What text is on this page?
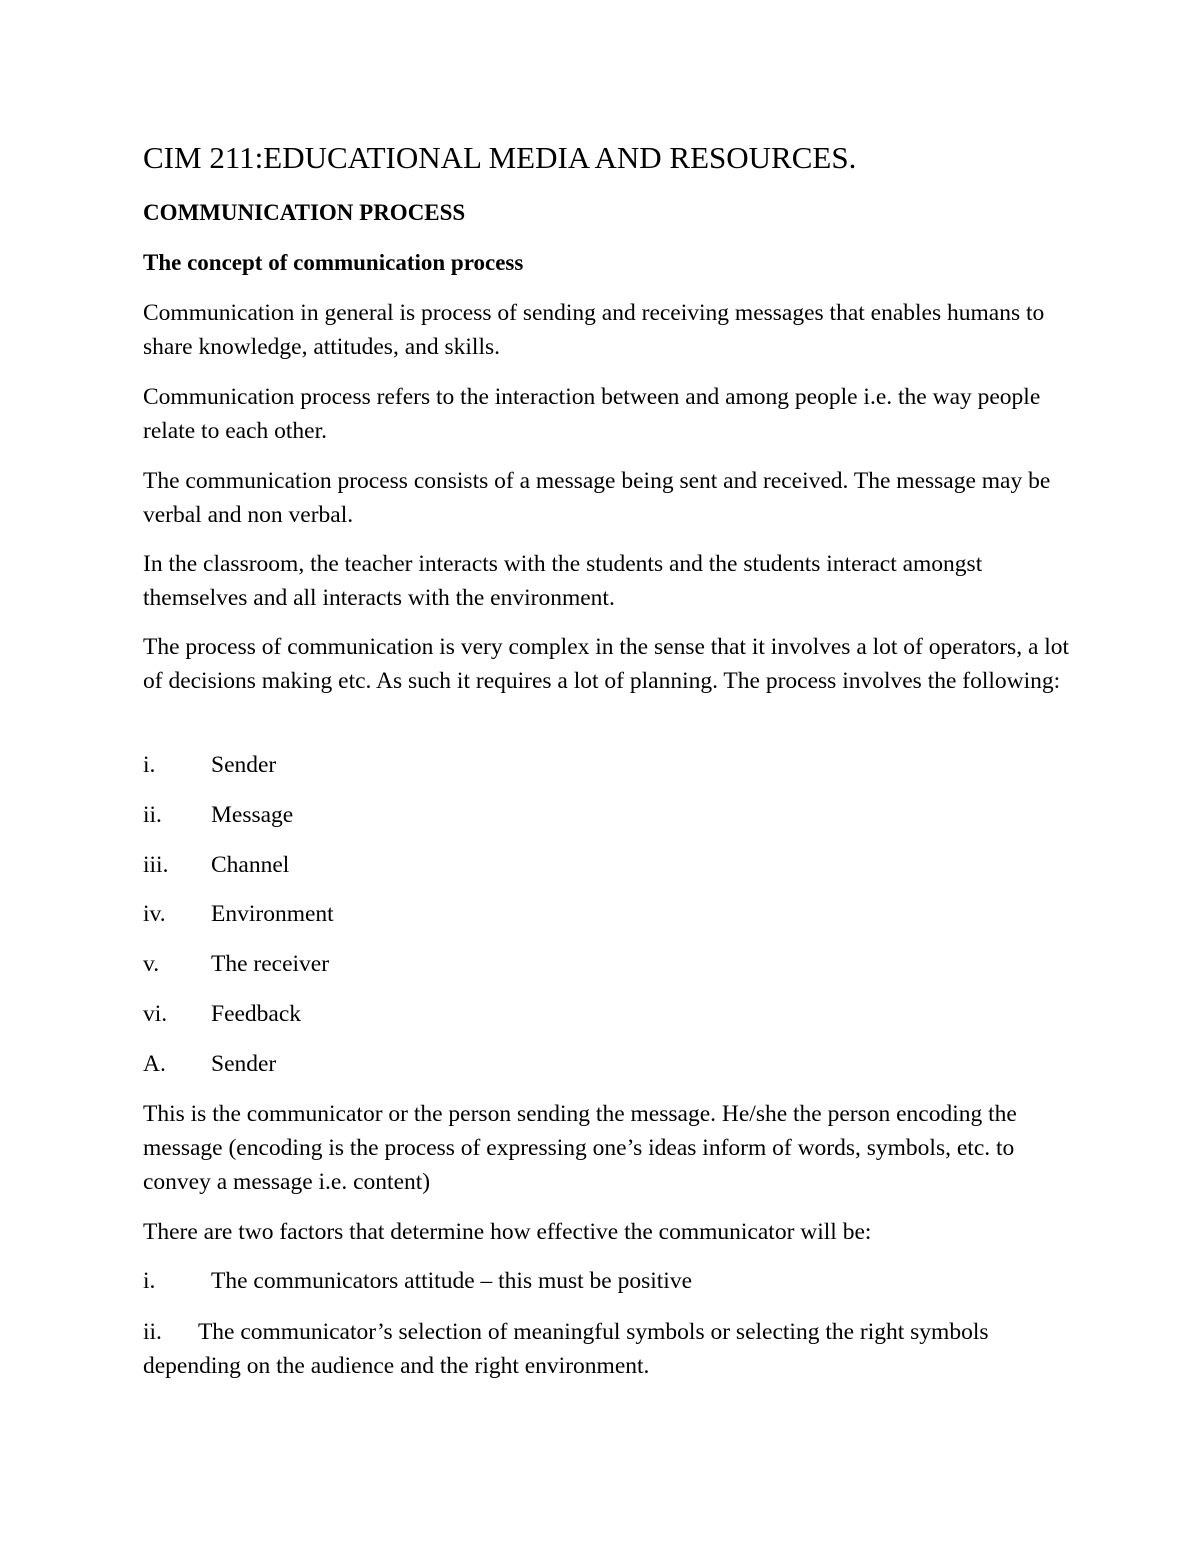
CIM 211:EDUCATIONAL MEDIA AND RESOURCES.
COMMUNICATION PROCESS
The concept of communication process
Communication in general is process of sending and receiving messages that enables humans to share knowledge, attitudes, and skills.
Communication process refers to the interaction between and among people i.e. the way people relate to each other.
The communication process consists of a message being sent and received. The message may be verbal and non verbal.
In the classroom, the teacher interacts with the students and the students interact amongst themselves and all interacts with the environment.
The process of communication is very complex in the sense that it involves a lot of operators, a lot of decisions making etc. As such it requires a lot of planning. The process involves the following:
i. Sender
ii. Message
iii. Channel
iv. Environment
v. The receiver
vi. Feedback
A. Sender
This is the communicator or the person sending the message. He/she the person encoding the message (encoding is the process of expressing one’s ideas inform of words, symbols, etc. to convey a message i.e. content)
There are two factors that determine how effective the communicator will be:
i. The communicators attitude – this must be positive
ii. The communicator’s selection of meaningful symbols or selecting the right symbols depending on the audience and the right environment.
